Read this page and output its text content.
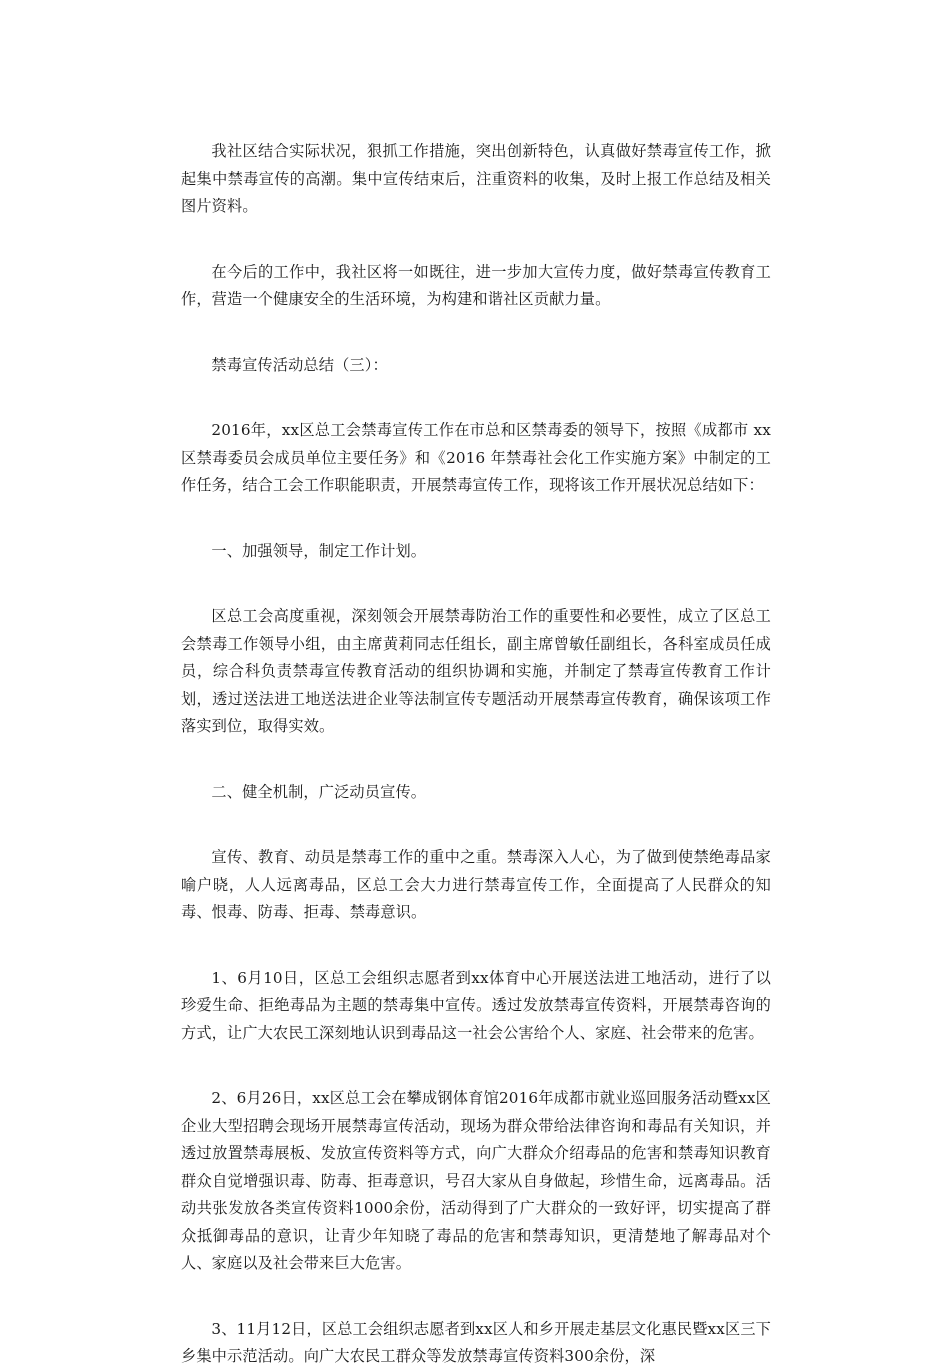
我社区结合实际状况，狠抓工作措施，突出创新特色，认真做好禁毒宣传工作，掀起集中禁毒宣传的高潮。集中宣传结束后，注重资料的收集，及时上报工作总结及相关图片资料。

在今后的工作中，我社区将一如既往，进一步加大宣传力度，做好禁毒宣传教育工作，营造一个健康安全的生活环境，为构建和谐社区贡献力量。

禁毒宣传活动总结（三）：

2016年，xx区总工会禁毒宣传工作在市总和区禁毒委的领导下，按照《成都市 xx 区禁毒委员会成员单位主要任务》和《2016 年禁毒社会化工作实施方案》中制定的工作任务，结合工会工作职能职责，开展禁毒宣传工作，现将该工作开展状况总结如下：

一、加强领导，制定工作计划。

区总工会高度重视，深刻领会开展禁毒防治工作的重要性和必要性，成立了区总工会禁毒工作领导小组，由主席黄莉同志任组长，副主席曾敏任副组长，各科室成员任成员，综合科负责禁毒宣传教育活动的组织协调和实施，并制定了禁毒宣传教育工作计划，透过送法进工地送法进企业等法制宣传专题活动开展禁毒宣传教育，确保该项工作落实到位，取得实效。

二、健全机制，广泛动员宣传。

宣传、教育、动员是禁毒工作的重中之重。禁毒深入人心，为了做到使禁绝毒品家喻户晓，人人远离毒品，区总工会大力进行禁毒宣传工作，全面提高了人民群众的知毒、恨毒、防毒、拒毒、禁毒意识。

1、6月10日，区总工会组织志愿者到xx体育中心开展送法进工地活动，进行了以珍爱生命、拒绝毒品为主题的禁毒集中宣传。透过发放禁毒宣传资料，开展禁毒咨询的方式，让广大农民工深刻地认识到毒品这一社会公害给个人、家庭、社会带来的危害。

2、6月26日，xx区总工会在攀成钢体育馆2016年成都市就业巡回服务活动暨xx区企业大型招聘会现场开展禁毒宣传活动，现场为群众带给法律咨询和毒品有关知识，并透过放置禁毒展板、发放宣传资料等方式，向广大群众介绍毒品的危害和禁毒知识教育群众自觉增强识毒、防毒、拒毒意识，号召大家从自身做起，珍惜生命，远离毒品。活动共张发放各类宣传资料1000余份，活动得到了广大群众的一致好评，切实提高了群众抵御毒品的意识，让青少年知晓了毒品的危害和禁毒知识，更清楚地了解毒品对个人、家庭以及社会带来巨大危害。

3、11月12日，区总工会组织志愿者到xx区人和乡开展走基层文化惠民暨xx区三下乡集中示范活动。向广大农民工群众等发放禁毒宣传资料300余份，深
